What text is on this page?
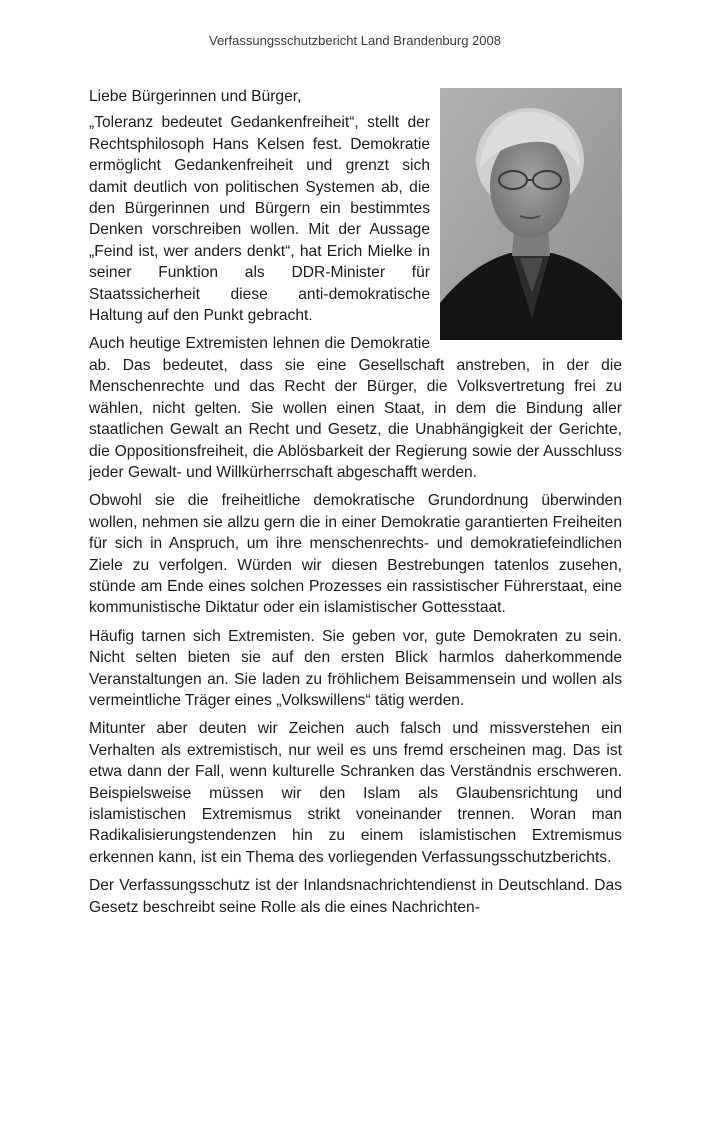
Verfassungsschutzbericht Land Brandenburg 2008

Liebe Bürgerinnen und Bürger,

„Toleranz bedeutet Gedankenfreiheit“, stellt der Rechtsphilosoph Hans Kelsen fest. Demokratie ermöglicht Gedankenfreiheit und grenzt sich damit deutlich von politischen Systemen ab, die den Bürgerinnen und Bürgern ein bestimmtes Denken vorschreiben wollen. Mit der Aussage „Feind ist, wer anders denkt“, hat Erich Mielke in seiner Funktion als DDR-Minister für Staatssicherheit diese anti-demokratische Haltung auf den Punkt gebracht.

Auch heutige Extremisten lehnen die Demokratie ab. Das bedeutet, dass sie eine Gesellschaft anstreben, in der die Menschenrechte und das Recht der Bürger, die Volksvertretung frei zu wählen, nicht gelten. Sie wollen einen Staat, in dem die Bindung aller staatlichen Gewalt an Recht und Gesetz, die Unabhängigkeit der Gerichte, die Oppositionsfreiheit, die Ablösbarkeit der Regierung sowie der Ausschluss jeder Gewalt- und Willkürherrschaft abgeschafft werden.

Obwohl sie die freiheitliche demokratische Grundordnung überwinden wollen, nehmen sie allzu gern die in einer Demokratie garantierten Freiheiten für sich in Anspruch, um ihre menschenrechts- und demokratiefeindlichen Ziele zu verfolgen. Würden wir diesen Bestrebungen tatenlos zusehen, stünde am Ende eines solchen Prozesses ein rassistischer Führerstaat, eine kommunistische Diktatur oder ein islamistischer Gottesstaat.

Häufig tarnen sich Extremisten. Sie geben vor, gute Demokraten zu sein. Nicht selten bieten sie auf den ersten Blick harmlos daherkommende Veranstaltungen an. Sie laden zu fröhlichem Beisammensein und wollen als vermeintliche Träger eines „Volkswillens“ tätig werden.

Mitunter aber deuten wir Zeichen auch falsch und missverstehen ein Verhalten als extremistisch, nur weil es uns fremd erscheinen mag. Das ist etwa dann der Fall, wenn kulturelle Schranken das Verständnis erschweren. Beispielsweise müssen wir den Islam als Glaubensrichtung und islamistischen Extremismus strikt voneinander trennen. Woran man Radikalisierungstendenzen hin zu einem islamistischen Extremismus erkennen kann, ist ein Thema des vorliegenden Verfassungsschutzberichts.

Der Verfassungsschutz ist der Inlandsnachrichtendienst in Deutschland. Das Gesetz beschreibt seine Rolle als die eines Nachrichten-
